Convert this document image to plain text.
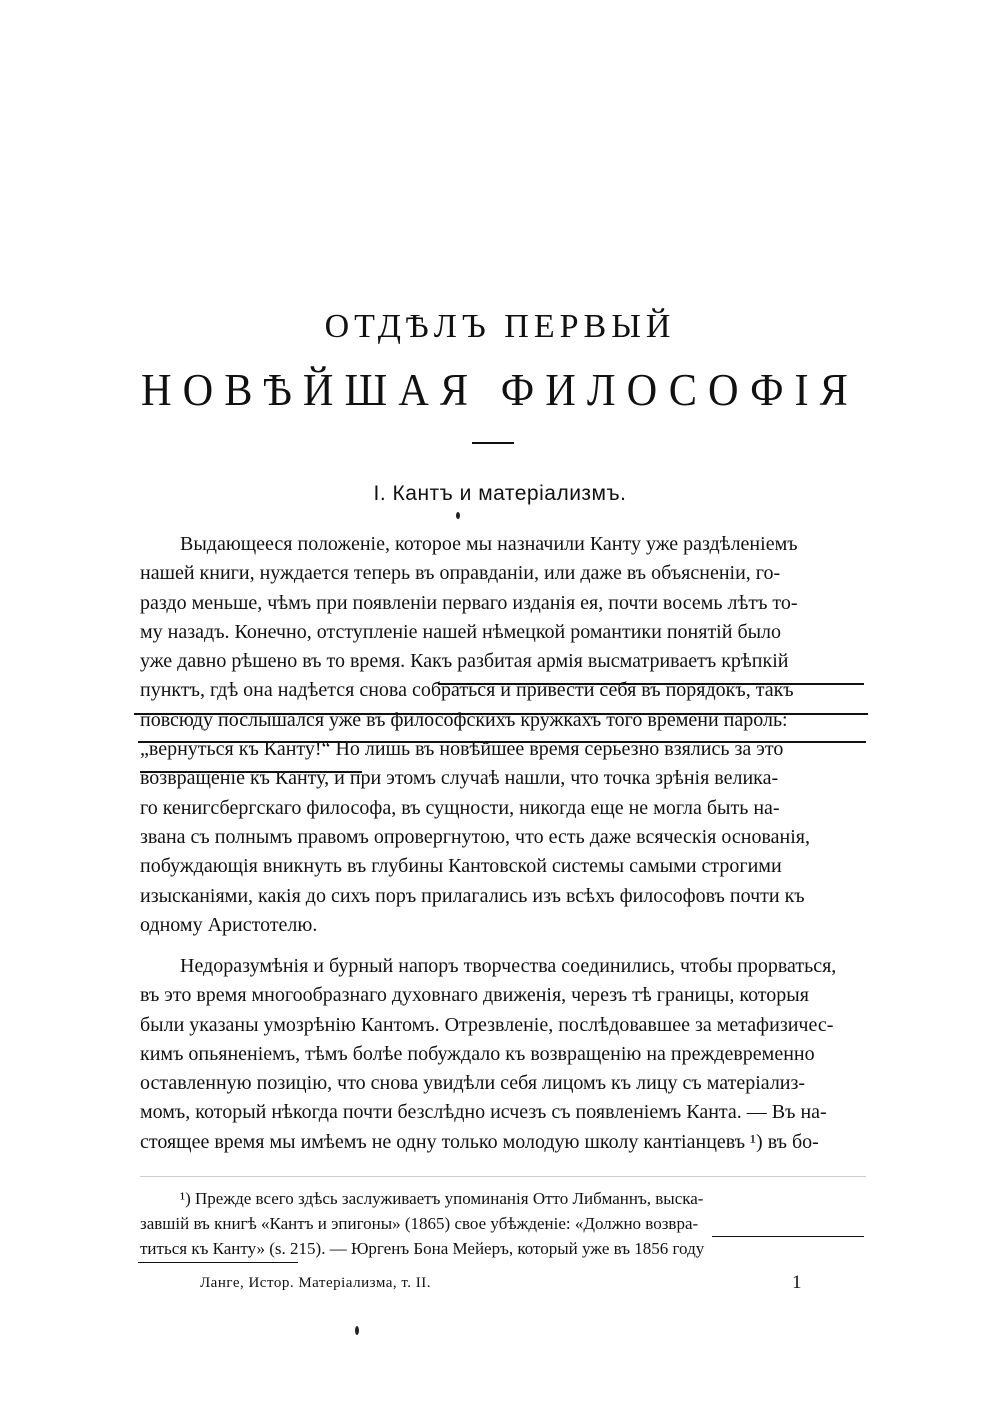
ОТДѢЛЪ ПЕРВЫЙ
НОВѢЙШАЯ ФИЛОСОФІЯ
I. Кантъ и матеріализмъ.
Выдающееся положеніе, которое мы назначили Канту уже раздѣленіемъ
нашей книги, нуждается теперь въ оправданіи, или даже въ объясненіи, го-
раздо меньше, чѣмъ при появленіи перваго изданія ея, почти восемь лѣтъ то-
му назадъ. Конечно, отступленіе нашей нѣмецкой романтики понятій было
уже давно рѣшено въ то время. Какъ разбитая армія высматриваетъ крѣпкій
пунктъ, гдѣ она надѣется снова собраться и привести себя въ порядокъ, такъ
повсюду послышался уже въ философскихъ кружкахъ того времени пароль:
„вернуться къ Канту!“ Но лишь въ новѣйшее время серьезно взялись за это
возвращеніе къ Канту, и при этомъ случаѣ нашли, что точка зрѣнія велика-
го кенигсбергскаго философа, въ сущности, никогда еще не могла быть на-
звана съ полнымъ правомъ опровергнутою, что есть даже всяческія основанія,
побуждающія вникнуть въ глубины Кантовской системы самыми строгими
изысканіями, какія до сихъ поръ прилагались изъ всѣхъ философовъ почти къ
одному Аристотелю.
Недоразумѣнія и бурный напоръ творчества соединились, чтобы прорваться,
въ это время многообразнаго духовнаго движенія, черезъ тѣ границы, которыя
были указаны умозрѣнію Кантомъ. Отрезвленіе, послѣдовавшее за метафизичес-
кимъ опьяненіемъ, тѣмъ болѣе побуждало къ возвращенію на преждевременно
оставленную позицію, что снова увидѣли себя лицомъ къ лицу съ матеріализ-
момъ, который нѣкогда почти безслѣдно исчезъ съ появленіемъ Канта. — Въ на-
стоящее время мы имѣемъ не одну только молодую школу кантіанцевъ ¹) въ бо-
¹) Прежде всего здѣсь заслуживаетъ упоминанія Отто Либманнъ, выска-
завшій въ книгѣ «Кантъ и эпигоны» (1865) свое убѣжденіе: «Должно возвра-
титься къ Канту» (s. 215). — Юргенъ Бона Мейеръ, который уже въ 1856 году
Ланге, Истор. Матеріализма, т. II.	1
